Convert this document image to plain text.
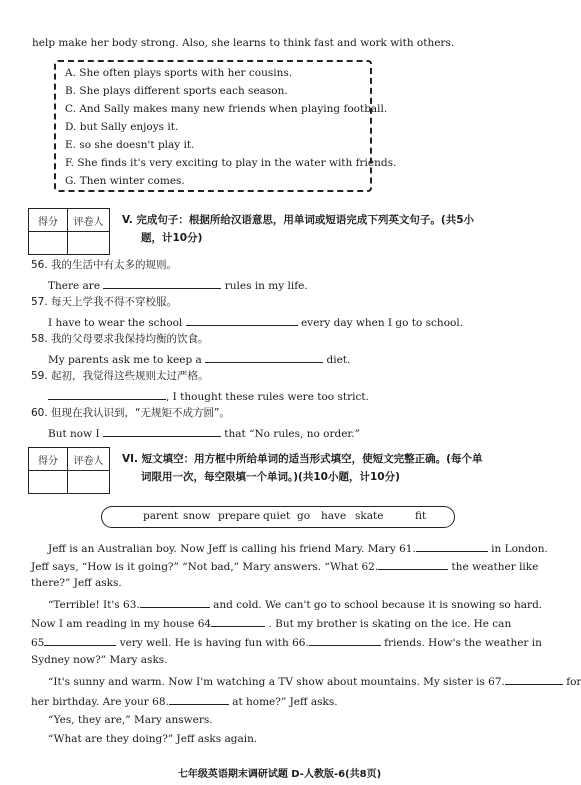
help make her body strong. Also, she learns to think fast and work with others.
A. She often plays sports with her cousins.
B. She plays different sports each season.
C. And Sally makes many new friends when playing football.
D. but Sally enjoys it.
E. so she doesn't play it.
F. She finds it's very exciting to play in the water with friends.
G. Then winter comes.
得分	评卷人
	V. 完成句子：根据所给汉语意思，用单词或短语完成下列英文句子。(共5小
题，计10分)
56. 我的生活中有太多的规则。
There are	rules in my life.
57. 每天上学我不得不穿校服。
I have to wear the school	every day when I go to school.
58. 我的父母要求我保持均衡的饮食。
My parents ask me to keep a	diet.
59. 起初，我觉得这些规则太过严格。
, I thought these rules were too strict.
60. 但现在我认识到，“无规矩不成方圆”。
But now I	that “No rules, no order.”
得分	评卷人
	VI. 短文填空：用方框中所给单词的适当形式填空，使短文完整正确。(每个单
词限用一次，每空限填一个单词。)(共10小题，计10分)
parent snow prepare quiet go have skate	fit
Jeff is an Australian boy. Now Jeff is calling his friend Mary. Mary 61.	in London.
Jeff says, “How is it going?” “Not bad,” Mary answers. “What 62.	the weather like
there?” Jeff asks.
“Terrible! It's 63.	and cold. We can't go to school because it is snowing so hard.
Now I am reading in my house 64	. But my brother is skating on the ice. He can
65	very well. He is having fun with 66.	friends. How's the weather in
Sydney now?” Mary asks.
“It's sunny and warm. Now I'm watching a TV show about mountains. My sister is 67.	for
her birthday. Are your 68.	at home?” Jeff asks.
“Yes, they are,” Mary answers.
“What are they doing?” Jeff asks again.
七年级英语期末调研试题 D-人教版-6(共8页)
